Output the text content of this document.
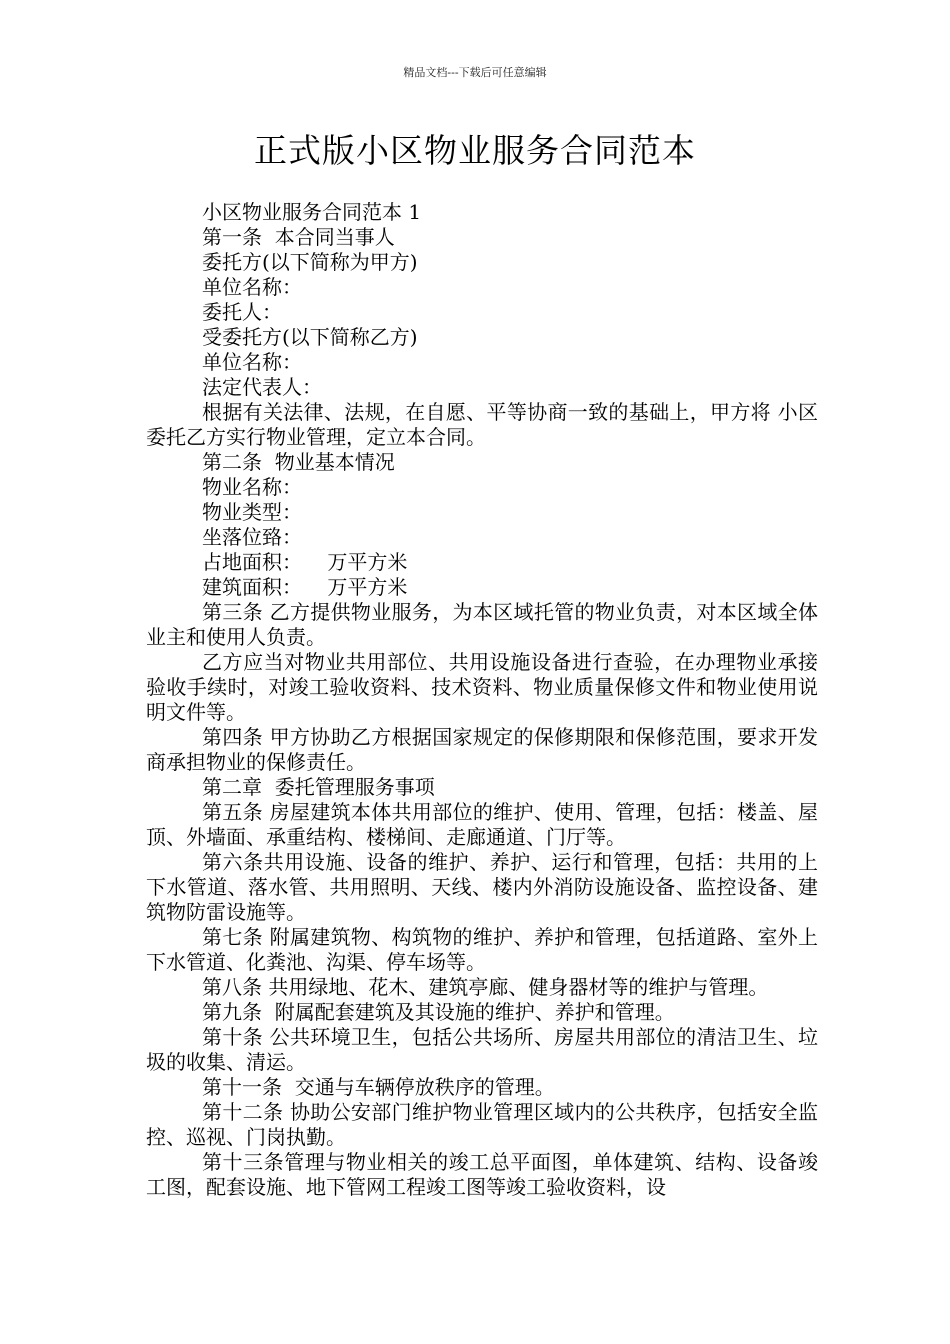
精品文档---下载后可任意编辑
正式版小区物业服务合同范本

小区物业服务合同范本 1

第一条  本合同当事人

委托方(以下简称为甲方)

单位名称：

委托人：

受委托方(以下简称乙方)

单位名称：

法定代表人：

根据有关法律、法规，在自愿、平等协商一致的基础上，甲方将 小区 委托乙方实行物业管理，定立本合同。

第二条  物业基本情况

物业名称：

物业类型：

坐落位臵：

占地面积：    万平方米

建筑面积：    万平方米

第三条 乙方提供物业服务，为本区域托管的物业负责，对本区域全体业主和使用人负责。

乙方应当对物业共用部位、共用设施设备进行查验，在办理物业承接验收手续时，对竣工验收资料、技术资料、物业质量保修文件和物业使用说明文件等。

第四条 甲方协助乙方根据国家规定的保修期限和保修范围，要求开发商承担物业的保修责任。

第二章  委托管理服务事项

第五条 房屋建筑本体共用部位的维护、使用、管理，包括：楼盖、屋顶、外墙面、承重结构、楼梯间、走廊通道、门厅等。

第六条共用设施、设备的维护、养护、运行和管理，包括：共用的上下水管道、落水管、共用照明、天线、楼内外消防设施设备、监控设备、建筑物防雷设施等。

第七条 附属建筑物、构筑物的维护、养护和管理，包括道路、室外上下水管道、化粪池、沟渠、停车场等。

第八条 共用绿地、花木、建筑亭廊、健身器材等的维护与管理。

第九条  附属配套建筑及其设施的维护、养护和管理。

第十条 公共环境卫生，包括公共场所、房屋共用部位的清洁卫生、垃圾的收集、清运。

第十一条  交通与车辆停放秩序的管理。

第十二条 协助公安部门维护物业管理区域内的公共秩序，包括安全监控、巡视、门岗执勤。

第十三条管理与物业相关的竣工总平面图，单体建筑、结构、设备竣工图，配套设施、地下管网工程竣工图等竣工验收资料，设
